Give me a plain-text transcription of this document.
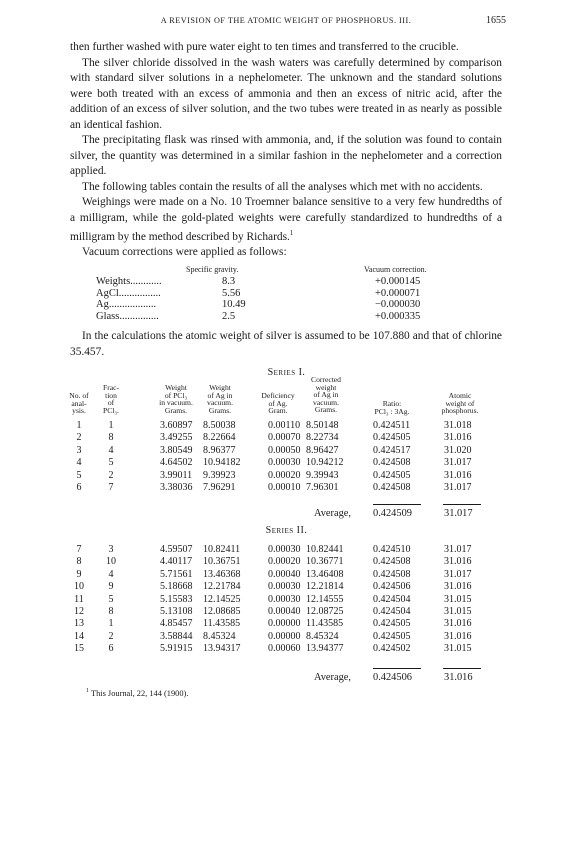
A REVISION OF THE ATOMIC WEIGHT OF PHOSPHORUS. III.	1655

then further washed with pure water eight to ten times and transferred to the crucible.

The silver chloride dissolved in the wash waters was carefully determined by comparison with standard silver solutions in a nephelometer. The unknown and the standard solutions were both treated with an excess of ammonia and then an excess of nitric acid, after the addition of an excess of silver solution, and the two tubes were treated in as nearly as possible an identical fashion.

The precipitating flask was rinsed with ammonia, and, if the solution was found to contain silver, the quantity was determined in a similar fashion in the nephelometer and a correction applied.

The following tables contain the results of all the analyses which met with no accidents.

Weighings were made on a No. 10 Troemner balance sensitive to a very few hundredths of a milligram, while the gold-plated weights were carefully standardized to hundredths of a milligram by the method described by Richards.$^1$

Vacuum corrections were applied as follows:

Specific gravity.	Vacuum correction.
Weights............	8.3	+0.000145
AgCl................	5.56	+0.000071
Ag..................	10.49	−0.000030
Glass...............	2.5	+0.000335

In the calculations the atomic weight of silver is assumed to be 107.880 and that of chlorine 35.457.

Series I.
No. of
anal-
ysis.
Frac-
tion
of
PCl₃.
Weight
of PCl₃
in vacuum.
Grams.
Weight
of Ag in
vacuum.
Grams.
Deficiency
of Ag.
Gram.
Corrected
weight
of Ag in
vacuum.
Grams.
Ratio:
PCl₃ : 3Ag.
Atomic
weight of
phosphorus.
1	1	3.60897 8.50038	0.00110 8.50148	0.424511	31.018
2	8	3.49255 8.22664	0.00070 8.22734	0.424505	31.016
3	4	3.80549 8.96377	0.00050 8.96427	0.424517	31.020
4	5	4.64502 10.94182	0.00030 10.94212	0.424508	31.017
5	2	3.99011 9.39923	0.00020 9.39943	0.424505	31.016
6	7	3.38036 7.96291	0.00010 7.96301	0.424508	31.017
Average, 0.424509	31.017
Series II.
7	3	4.59507 10.82411	0.00030 10.82441	0.424510	31.017
8	10	4.40117 10.36751	0.00020 10.36771	0.424508	31.016
9	4	5.71561 13.46368	0.00040 13.46408	0.424508	31.017
10	9	5.18668 12.21784	0.00030 12.21814	0.424506	31.016
11	5	5.15583 12.14525	0.00030 12.14555	0.424504	31.015
12	8	5.13108 12.08685	0.00040 12.08725	0.424504	31.015
13	1	4.85457 11.43585	0.00000 11.43585	0.424505	31.016
14	2	3.58844 8.45324	0.00000 8.45324	0.424505	31.016
15	6	5.91915 13.94317	0.00060 13.94377	0.424502	31.015
Average, 0.424506	31.016
$^1$ This Journal, 22, 144 (1900).
